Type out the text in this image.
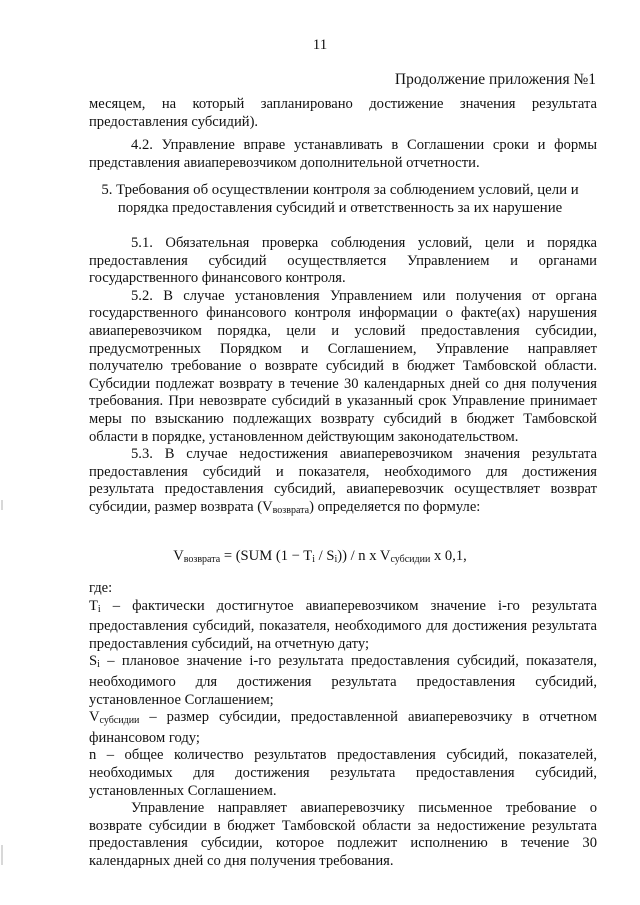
11
Продолжение приложения №1

месяцем, на который запланировано достижение значения результата предоставления субсидий).

4.2. Управление вправе устанавливать в Соглашении сроки и формы представления авиаперевозчиком дополнительной отчетности.

5. Требования об осуществлении контроля за соблюдением условий, цели и порядка предоставления субсидий и ответственность за их нарушение

5.1. Обязательная проверка соблюдения условий, цели и порядка предоставления субсидий осуществляется Управлением и органами государственного финансового контроля.

5.2. В случае установления Управлением или получения от органа государственного финансового контроля информации о факте(ах) нарушения авиаперевозчиком порядка, цели и условий предоставления субсидии, предусмотренных Порядком и Соглашением, Управление направляет получателю требование о возврате субсидий в бюджет Тамбовской области. Субсидии подлежат возврату в течение 30 календарных дней со дня получения требования. При невозврате субсидий в указанный срок Управление принимает меры по взысканию подлежащих возврату субсидий в бюджет Тамбовской области в порядке, установленном действующим законодательством.

5.3. В случае недостижения авиаперевозчиком значения результата предоставления субсидий и показателя, необходимого для достижения результата предоставления субсидий, авиаперевозчик осуществляет возврат субсидии, размер возврата $(V_{возврата})$ определяется по формуле:

$V_{возврата} = (SUM$ $(1 - T_i / S_i)) / n$ x $V_{субсидии}$ x 0,1,

где:

$T_i$ – фактически достигнутое авиаперевозчиком значение i-го результата предоставления субсидий, показателя, необходимого для достижения результата предоставления субсидий, на отчетную дату;

$S_i$ – плановое значение i-го результата предоставления субсидий, показателя, необходимого для достижения результата предоставления субсидий, установленное Соглашением;

$V_{субсидии}$ – размер субсидии, предоставленной авиаперевозчику в отчетном финансовом году;

n – общее количество результатов предоставления субсидий, показателей, необходимых для достижения результата предоставления субсидий, установленных Соглашением.

Управление направляет авиаперевозчику письменное требование о возврате субсидии в бюджет Тамбовской области за недостижение результата предоставления субсидии, которое подлежит исполнению в течение 30 календарных дней со дня получения требования.
